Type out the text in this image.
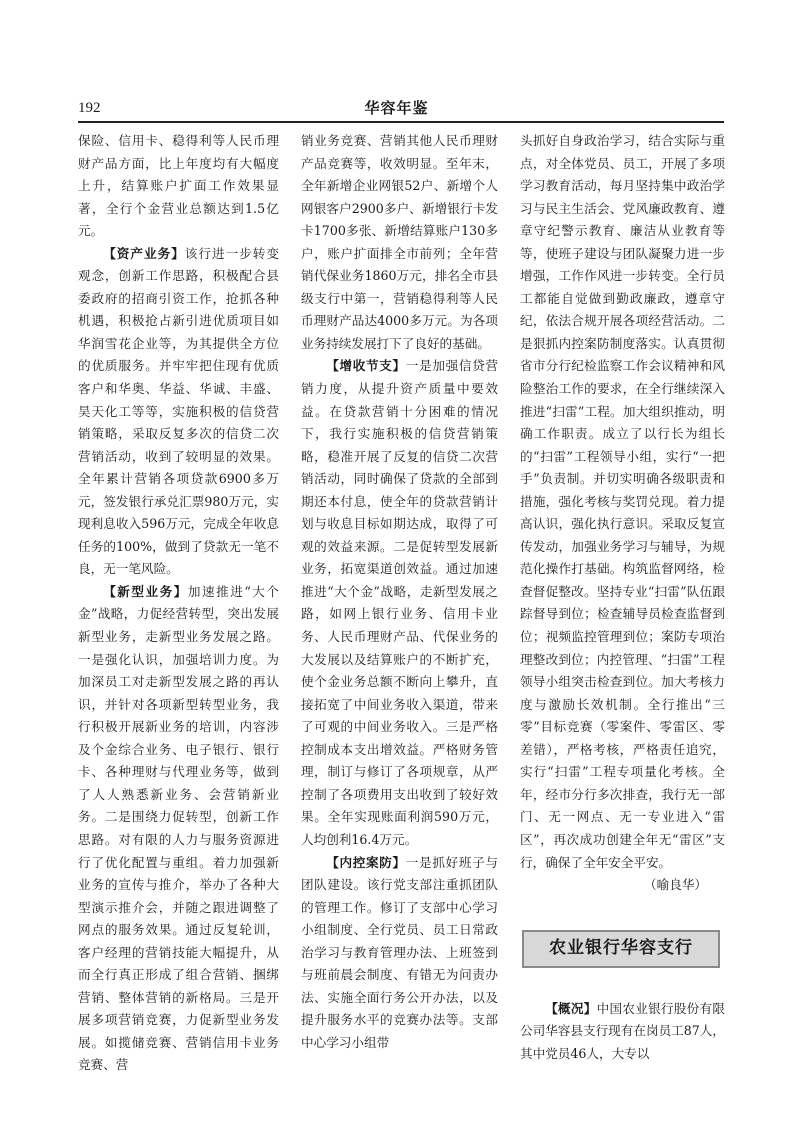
192	华容年鉴

保险、信用卡、稳得利等人民币理财产品方面，比上年度均有大幅度上升，结算账户扩面工作效果显著，全行个金营业总额达到1.5亿元。

【资产业务】该行进一步转变观念，创新工作思路，积极配合县委政府的招商引资工作，抢抓各种机遇，积极抢占新引进优质项目如华润雪花企业等，为其提供全方位的优质服务。并牢牢把住现有优质客户和华奥、华益、华诚、丰盛、昊天化工等等，实施积极的信贷营销策略，采取反复多次的信贷二次营销活动，收到了较明显的效果。全年累计营销各项贷款6900多万元，签发银行承兑汇票980万元，实现利息收入596万元，完成全年收息任务的100%，做到了贷款无一笔不良，无一笔风险。

【新型业务】加速推进“大个金”战略，力促经营转型，突出发展新型业务，走新型业务发展之路。一是强化认识，加强培训力度。为加深员工对走新型发展之路的再认识，并针对各项新型转型业务，我行积极开展新业务的培训，内容涉及个金综合业务、电子银行、银行卡、各种理财与代理业务等，做到了人人熟悉新业务、会营销新业务。二是围绕力促转型，创新工作思路。对有限的人力与服务资源进行了优化配置与重组。着力加强新业务的宣传与推介，举办了各种大型演示推介会，并随之跟进调整了网点的服务效果。通过反复轮训，客户经理的营销技能大幅提升，从而全行真正形成了组合营销、捆绑营销、整体营销的新格局。三是开展多项营销竞赛，力促新型业务发展。如揽储竞赛、营销信用卡业务竞赛、营

销业务竞赛、营销其他人民币理财产品竞赛等，收效明显。至年末，全年新增企业网银52户、新增个人网银客户2900多户、新增银行卡发卡1700多张、新增结算账户130多户，账户扩面排全市前列；全年营销代保业务1860万元，排名全市县级支行中第一，营销稳得利等人民币理财产品达4000多万元。为各项业务持续发展打下了良好的基础。

【增收节支】一是加强信贷营销力度，从提升资产质量中要效益。在贷款营销十分困难的情况下，我行实施积极的信贷营销策略，稳准开展了反复的信贷二次营销活动，同时确保了贷款的全部到期还本付息，使全年的贷款营销计划与收息目标如期达成，取得了可观的效益来源。二是促转型发展新业务，拓宽渠道创效益。通过加速推进“大个金”战略，走新型发展之路，如网上银行业务、信用卡业务、人民币理财产品、代保业务的大发展以及结算账户的不断扩充，使个金业务总额不断向上攀升，直接拓宽了中间业务收入渠道，带来了可观的中间业务收入。三是严格控制成本支出增效益。严格财务管理，制订与修订了各项规章，从严控制了各项费用支出收到了较好效果。全年实现账面利润590万元，人均创利16.4万元。

【内控案防】一是抓好班子与团队建设。该行党支部注重抓团队的管理工作。修订了支部中心学习小组制度、全行党员、员工日常政治学习与教育管理办法、上班签到与班前晨会制度、有错无为问责办法、实施全面行务公开办法，以及提升服务水平的竞赛办法等。支部中心学习小组带

头抓好自身政治学习，结合实际与重点，对全体党员、员工，开展了多项学习教育活动，每月坚持集中政治学习与民主生活会、党风廉政教育、遵章守纪警示教育、廉洁从业教育等等，使班子建设与团队凝聚力进一步增强，工作作风进一步转变。全行员工都能自觉做到勤政廉政，遵章守纪，依法合规开展各项经营活动。二是狠抓内控案防制度落实。认真贯彻省市分行纪检监察工作会议精神和风险整治工作的要求，在全行继续深入推进“扫雷”工程。加大组织推动，明确工作职责。成立了以行长为组长的“扫雷”工程领导小组，实行“一把手”负责制。并切实明确各级职责和措施，强化考核与奖罚兑现。着力提高认识，强化执行意识。采取反复宣传发动，加强业务学习与辅导，为规范化操作打基础。构筑监督网络，检查督促整改。坚持专业“扫雷”队伍跟踪督导到位；检查辅导员检查监督到位；视频监控管理到位；案防专项治理整改到位；内控管理、“扫雷”工程领导小组突击检查到位。加大考核力度与激励长效机制。全行推出“三零”目标竞赛（零案件、零雷区、零差错），严格考核，严格责任追究，实行“扫雷”工程专项量化考核。全年，经市分行多次排查，我行无一部门、无一网点、无一专业进入“雷区”，再次成功创建全年无“雷区”支行，确保了全年安全平安。

（喻良华）

农业银行华容支行

【概况】中国农业银行股份有限公司华容县支行现有在岗员工87人，其中党员46人，大专以
